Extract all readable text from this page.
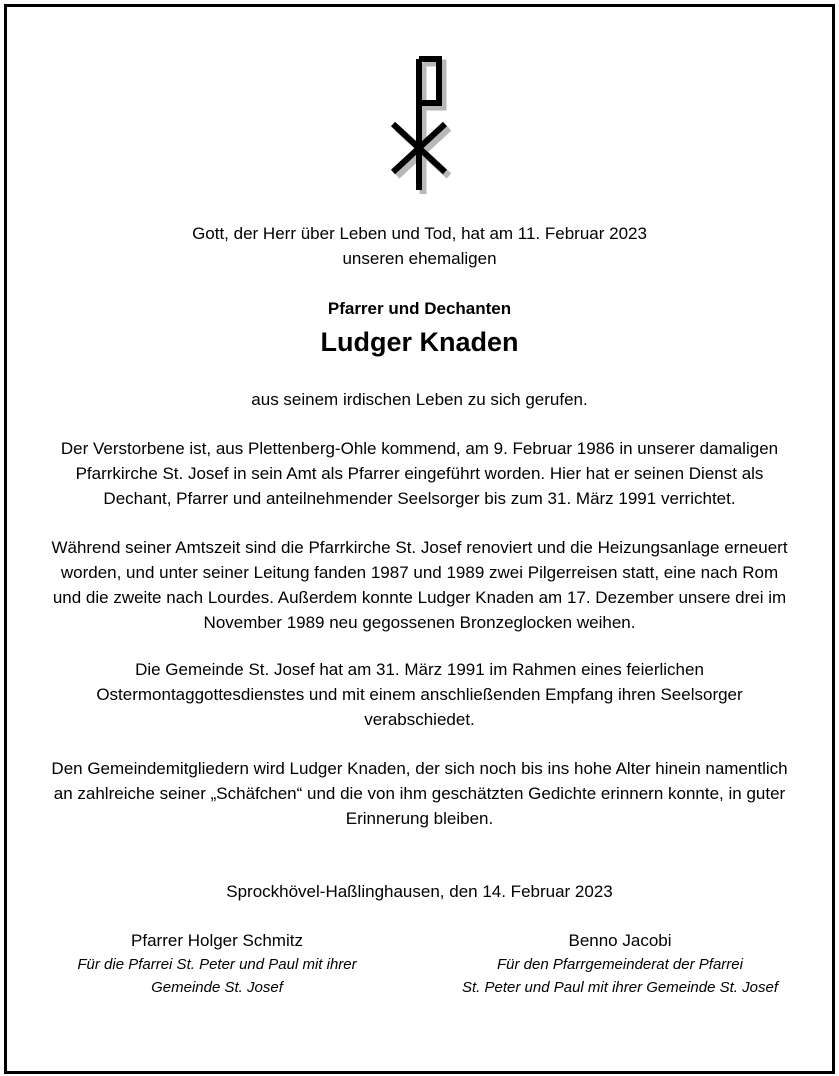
Gott, der Herr über Leben und Tod, hat am 11. Februar 2023
unseren ehemaligen
Pfarrer und Dechanten
Ludger Knaden
aus seinem irdischen Leben zu sich gerufen.
Der Verstorbene ist, aus Plettenberg-Ohle kommend, am 9. Februar 1986 in unserer damaligen
Pfarrkirche St. Josef in sein Amt als Pfarrer eingeführt worden. Hier hat er seinen Dienst als
Dechant, Pfarrer und anteilnehmender Seelsorger bis zum 31. März 1991 verrichtet.
Während seiner Amtszeit sind die Pfarrkirche St. Josef renoviert und die Heizungsanlage erneuert
worden, und unter seiner Leitung fanden 1987 und 1989 zwei Pilgerreisen statt, eine nach Rom
und die zweite nach Lourdes. Außerdem konnte Ludger Knaden am 17. Dezember unsere drei im
November 1989 neu gegossenen Bronzeglocken weihen.
Die Gemeinde St. Josef hat am 31. März 1991 im Rahmen eines feierlichen
Ostermontaggottesdienstes und mit einem anschließenden Empfang ihren Seelsorger
verabschiedet.
Den Gemeindemitgliedern wird Ludger Knaden, der sich noch bis ins hohe Alter hinein namentlich
an zahlreiche seiner „Schäfchen“ und die von ihm geschätzten Gedichte erinnern konnte, in guter
Erinnerung bleiben.
Sprockhövel-Haßlinghausen, den 14. Februar 2023
Pfarrer Holger Schmitz
Für die Pfarrei St. Peter und Paul mit ihrer
Gemeinde St. Josef
Benno Jacobi
Für den Pfarrgemeinderat der Pfarrei
St. Peter und Paul mit ihrer Gemeinde St. Josef
